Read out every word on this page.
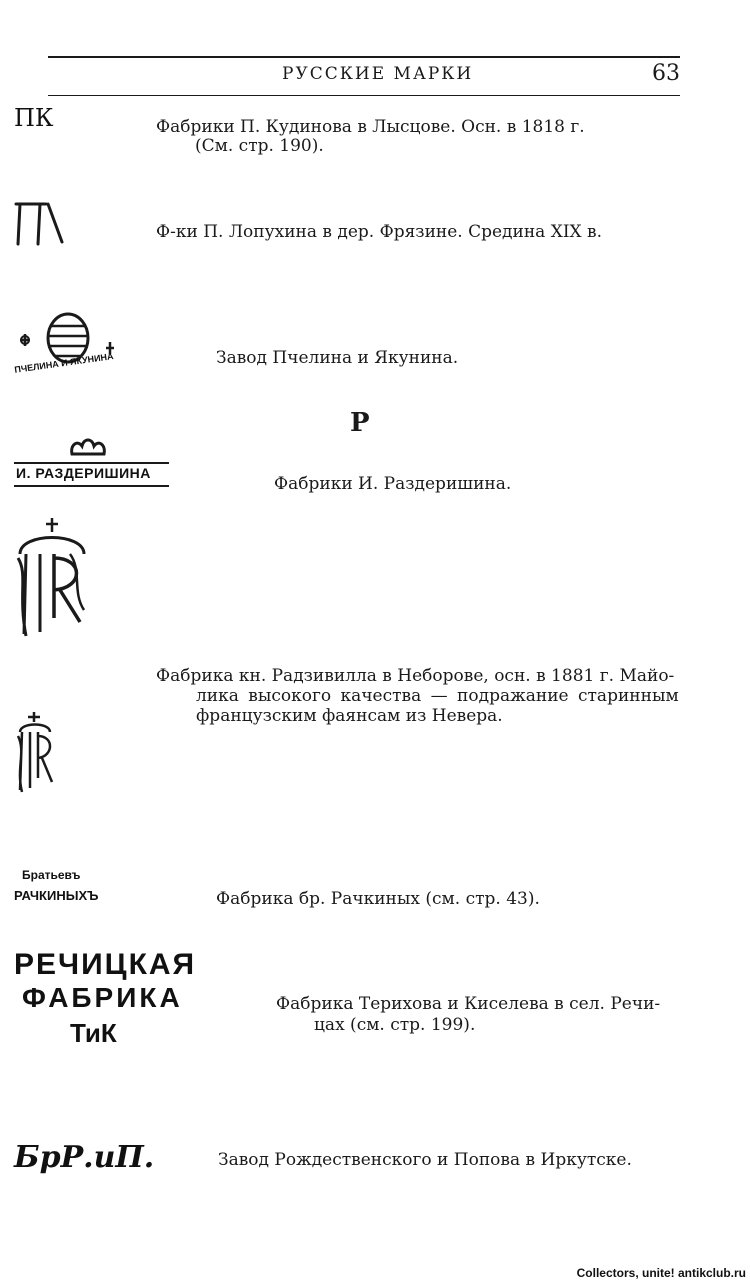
РУССКИЕ МАРКИ	63
ПК	Фабрики П. Кудинова в Лысцове. Осн. в 1818 г.
(См. стр. 190).
Ф-ки П. Лопухина в дер. Фрязине. Средина XIX в.
ПЧЕЛИНА И ЯКУНИНА	Завод Пчелина и Якунина.
Р
И. РАЗДЕРИШИНА
Фабрики И. Раздеришина.
Фабрика кн. Радзивилла в Неборове, осн. в 1881 г. Майо-
лика высокого качества — подражание старинным
французским фаянсам из Невера.
Братьевъ
РАЧКИНЫХЪ	Фабрика бр. Рачкиных (см. стр. 43).
РЕЧИЦКАЯ
ФАБРИКА
ТиК
Фабрика Терихова и Киселева в сел. Речи-
цах (см. стр. 199).
БрР.иП.	Завод Рождественского и Попова в Иркутске.
Collectors, unite! antikclub.ru
